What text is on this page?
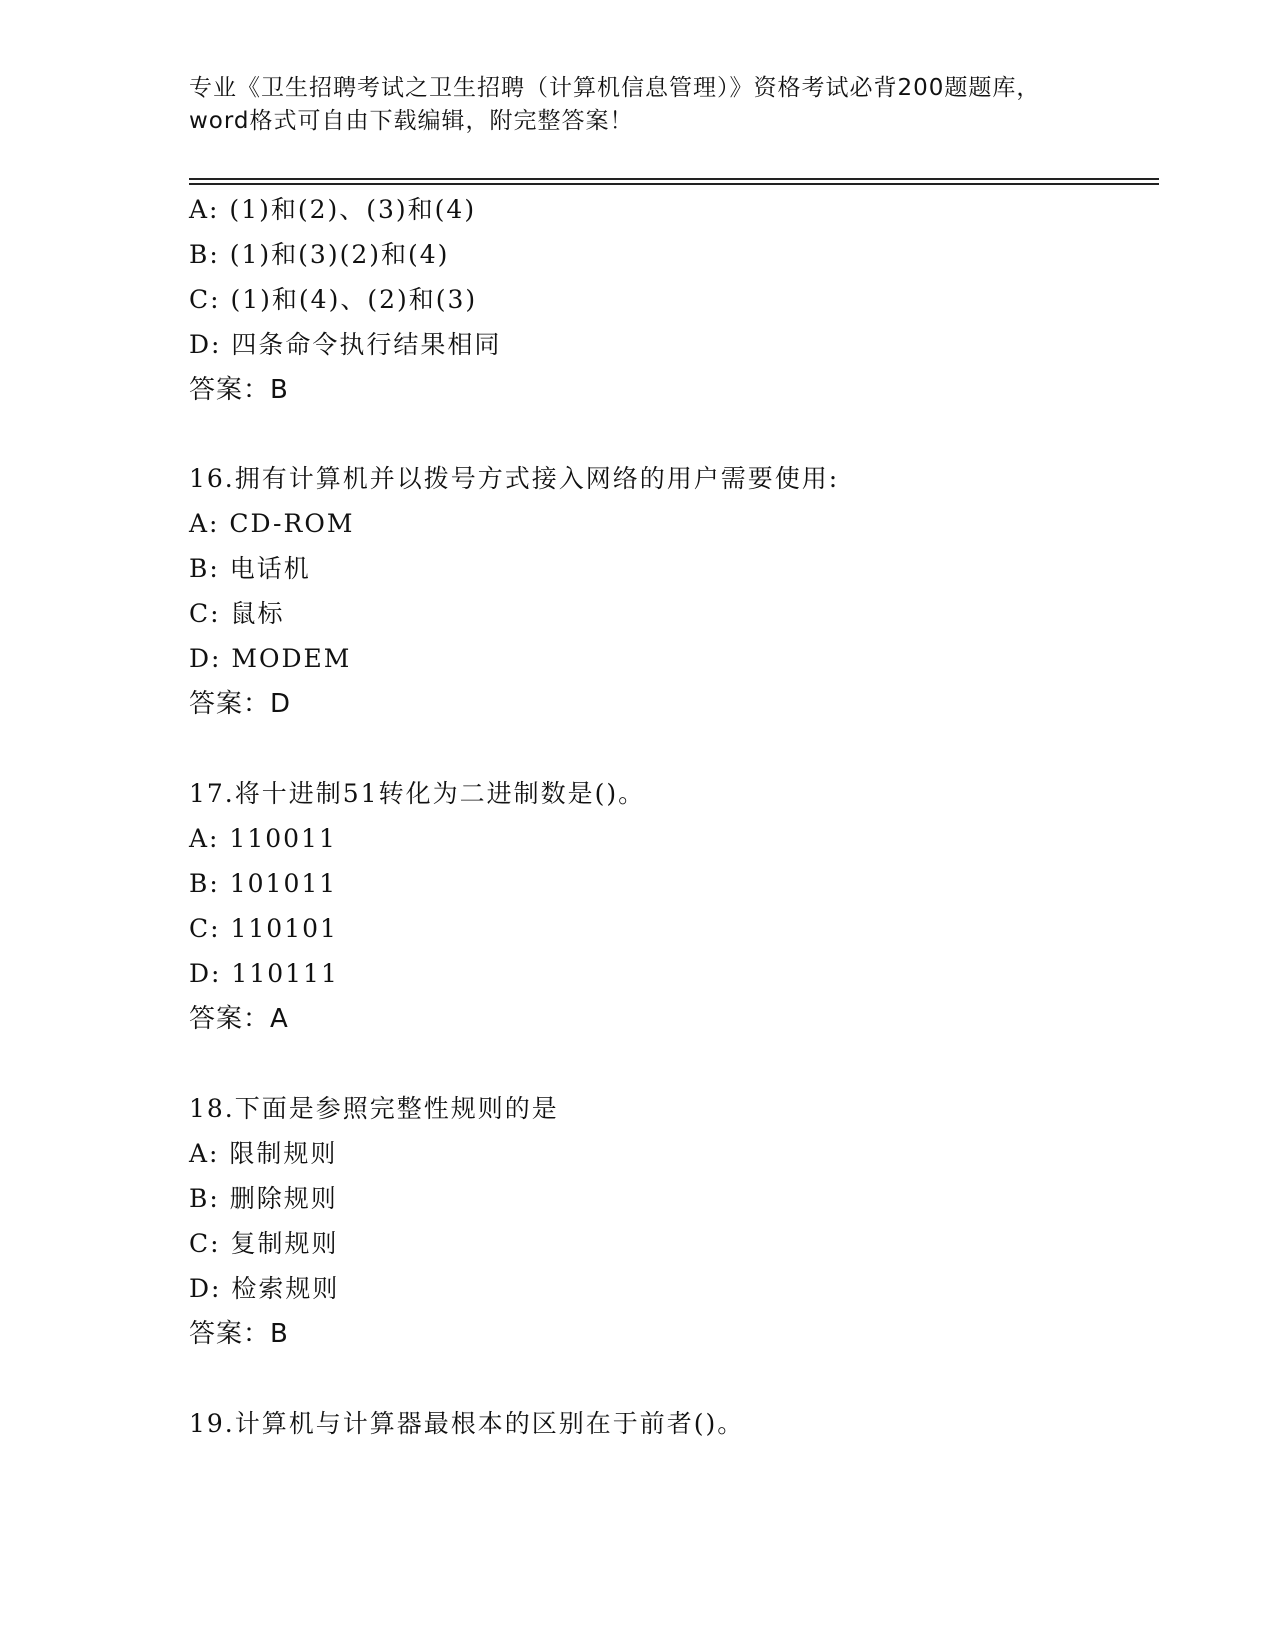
专业《卫生招聘考试之卫生招聘（计算机信息管理）》资格考试必背200题题库，
word格式可自由下载编辑，附完整答案！
A: (1)和(2)、(3)和(4)
B: (1)和(3)(2)和(4)
C: (1)和(4)、(2)和(3)
D: 四条命令执行结果相同
答案：B
16.拥有计算机并以拨号方式接入网络的用户需要使用:
A: CD-ROM
B: 电话机
C: 鼠标
D: MODEM
答案：D
17.将十进制51转化为二进制数是()。
A: 110011
B: 101011
C: 110101
D: 110111
答案：A
18.下面是参照完整性规则的是
A: 限制规则
B: 删除规则
C: 复制规则
D: 检索规则
答案：B
19.计算机与计算器最根本的区别在于前者()。
